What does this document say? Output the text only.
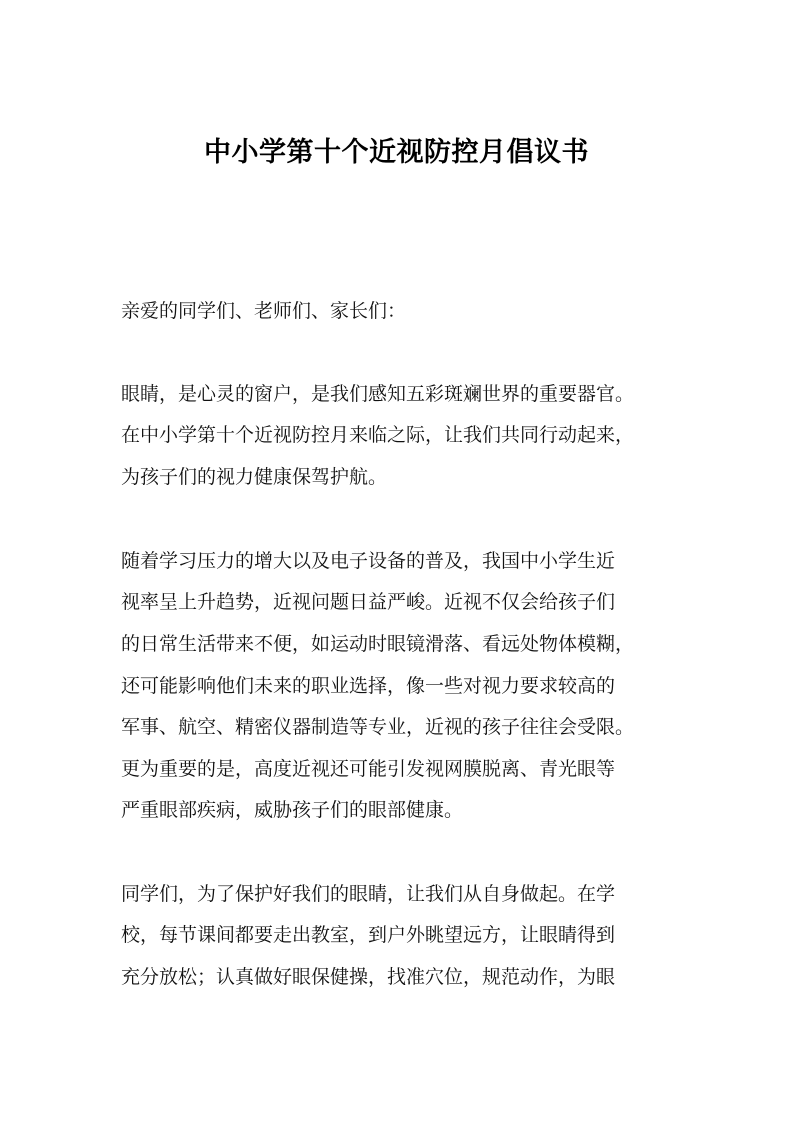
中小学第十个近视防控月倡议书
亲爱的同学们、老师们、家长们：
眼睛，是心灵的窗户，是我们感知五彩斑斓世界的重要器官。
在中小学第十个近视防控月来临之际，让我们共同行动起来，
为孩子们的视力健康保驾护航。
随着学习压力的增大以及电子设备的普及，我国中小学生近
视率呈上升趋势，近视问题日益严峻。近视不仅会给孩子们
的日常生活带来不便，如运动时眼镜滑落、看远处物体模糊，
还可能影响他们未来的职业选择，像一些对视力要求较高的
军事、航空、精密仪器制造等专业，近视的孩子往往会受限。
更为重要的是，高度近视还可能引发视网膜脱离、青光眼等
严重眼部疾病，威胁孩子们的眼部健康。
同学们，为了保护好我们的眼睛，让我们从自身做起。在学
校，每节课间都要走出教室，到户外眺望远方，让眼睛得到
充分放松；认真做好眼保健操，找准穴位，规范动作，为眼
